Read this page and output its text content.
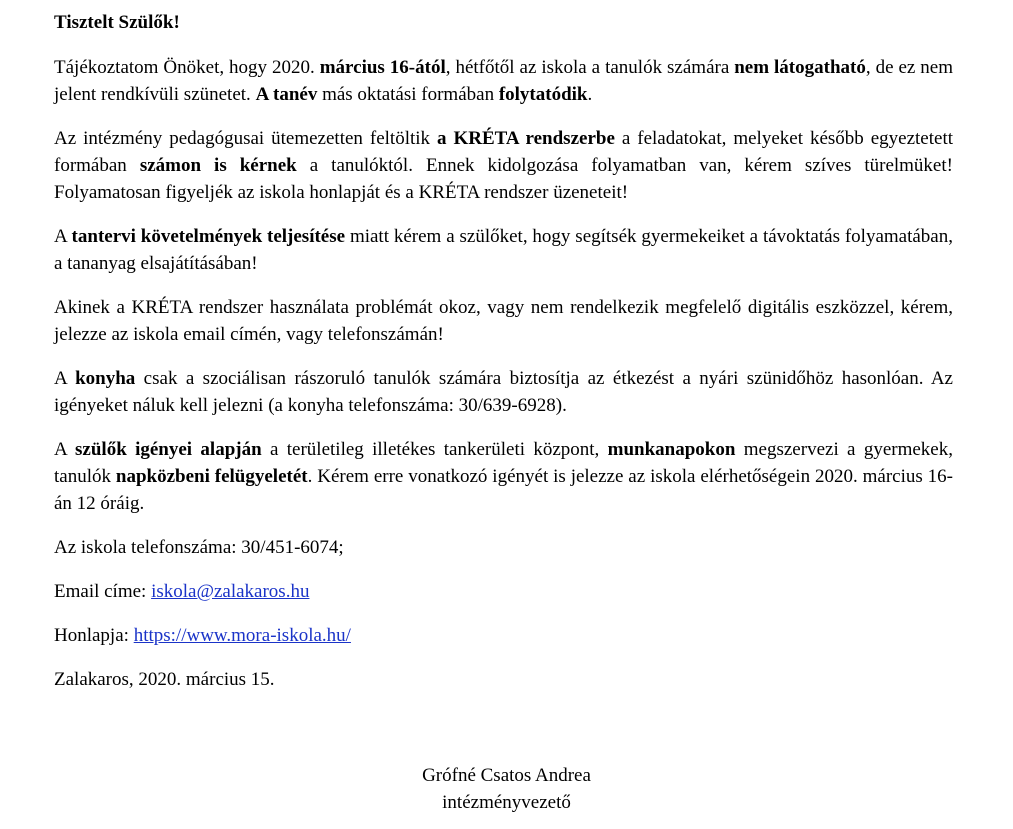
Tisztelt Szülők!

Tájékoztatom Önöket, hogy 2020. március 16-ától, hétfőtől az iskola a tanulók számára nem látogatható, de ez nem jelent rendkívüli szünetet. A tanév más oktatási formában folytatódik.

Az intézmény pedagógusai ütemezetten feltöltik a KRÉTA rendszerbe a feladatokat, melyeket később egyeztetett formában számon is kérnek a tanulóktól. Ennek kidolgozása folyamatban van, kérem szíves türelmüket! Folyamatosan figyeljék az iskola honlapját és a KRÉTA rendszer üzeneteit!

A tantervi követelmények teljesítése miatt kérem a szülőket, hogy segítsék gyermekeiket a távoktatás folyamatában, a tananyag elsajátításában!

Akinek a KRÉTA rendszer használata problémát okoz, vagy nem rendelkezik megfelelő digitális eszközzel, kérem, jelezze az iskola email címén, vagy telefonszámán!

A konyha csak a szociálisan rászoruló tanulók számára biztosítja az étkezést a nyári szünidőhöz hasonlóan. Az igényeket náluk kell jelezni (a konyha telefonszáma: 30/639-6928).

A szülők igényei alapján a területileg illetékes tankerületi központ, munkanapokon megszervezi a gyermekek, tanulók napközbeni felügyeletét. Kérem erre vonatkozó igényét is jelezze az iskola elérhetőségein 2020. március 16-án 12 óráig.

Az iskola telefonszáma: 30/451-6074;

Email címe: iskola@zalakaros.hu

Honlapja: https://www.mora-iskola.hu/

Zalakaros, 2020. március 15.

Grófné Csatos Andrea
intézményvezető
